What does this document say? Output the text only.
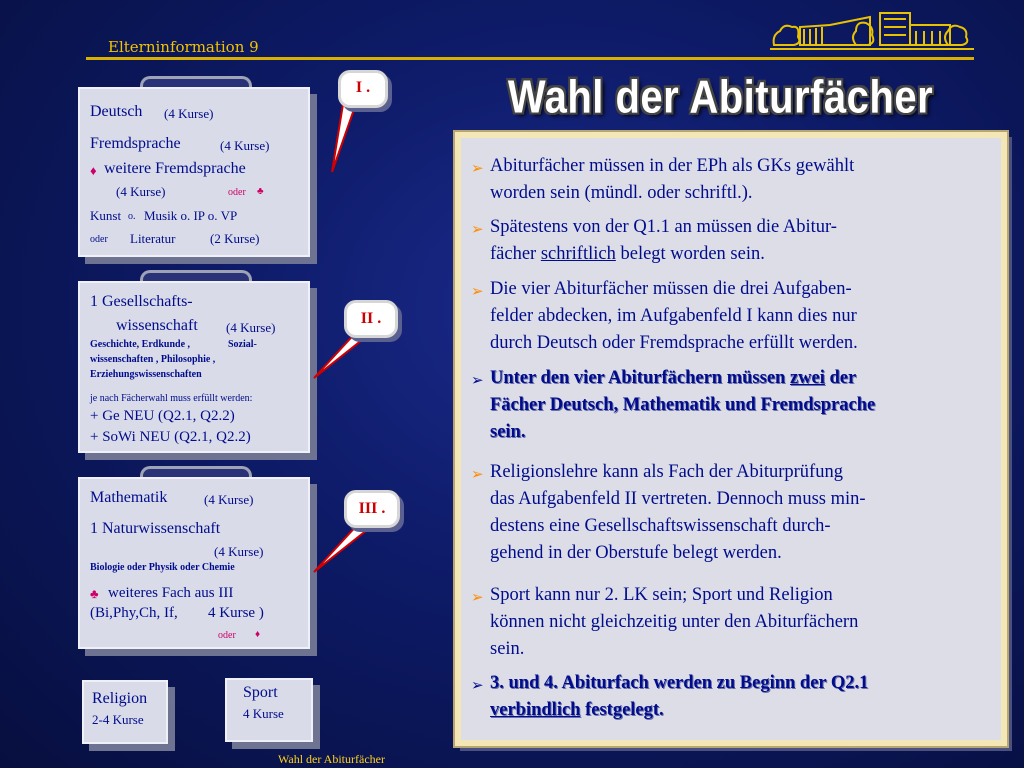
Elterninformation 9
Wahl der Abiturfächer
Deutsch (4 Kurse)
Fremdsprache	(4 Kurse)
♦ weitere Fremdsprache
(4 Kurse)	oder ♣
Kunst o. Musik o. IP o. VP
oder Literatur	(2 Kurse)
1 Gesellschafts-
wissenschaft (4 Kurse)
Geschichte, Erdkunde ,	Sozial-
wissenschaften , Philosophie ,
Erziehungswissenschaften
je nach Fächerwahl muss erfüllt werden:
+ Ge NEU (Q2.1, Q2.2)
+ SoWi NEU (Q2.1, Q2.2)
Mathematik	(4 Kurse)
1 Naturwissenschaft
(4 Kurse)
Biologie oder Physik oder Chemie
♣ weiteres Fach aus III
(Bi,Phy,Ch, If, 4 Kurse )
oder ♦
Religion
2-4 Kurse
Sport
4 Kurse
I .
II .
III .
➢ Abiturfächer müssen in der EPh als GKs gewählt
worden sein (mündl. oder schriftl.).
➢ Spätestens von der Q1.1 an müssen die Abitur-
fächer schriftlich belegt worden sein.
➢ Die vier Abiturfächer müssen die drei Aufgaben-
felder abdecken, im Aufgabenfeld I kann dies nur
durch Deutsch oder Fremdsprache erfüllt werden.
➢ Unter den vier Abiturfächern müssen zwei der
Fächer Deutsch, Mathematik und Fremdsprache
sein.
➢ Religionslehre kann als Fach der Abiturprüfung
das Aufgabenfeld II vertreten. Dennoch muss min-
destens eine Gesellschaftswissenschaft durch-
gehend in der Oberstufe belegt werden.
➢ Sport kann nur 2. LK sein; Sport und Religion
können nicht gleichzeitig unter den Abiturfächern
sein.
➢ 3. und 4. Abiturfach werden zu Beginn der Q2.1
verbindlich festgelegt.
Wahl der Abiturfächer
